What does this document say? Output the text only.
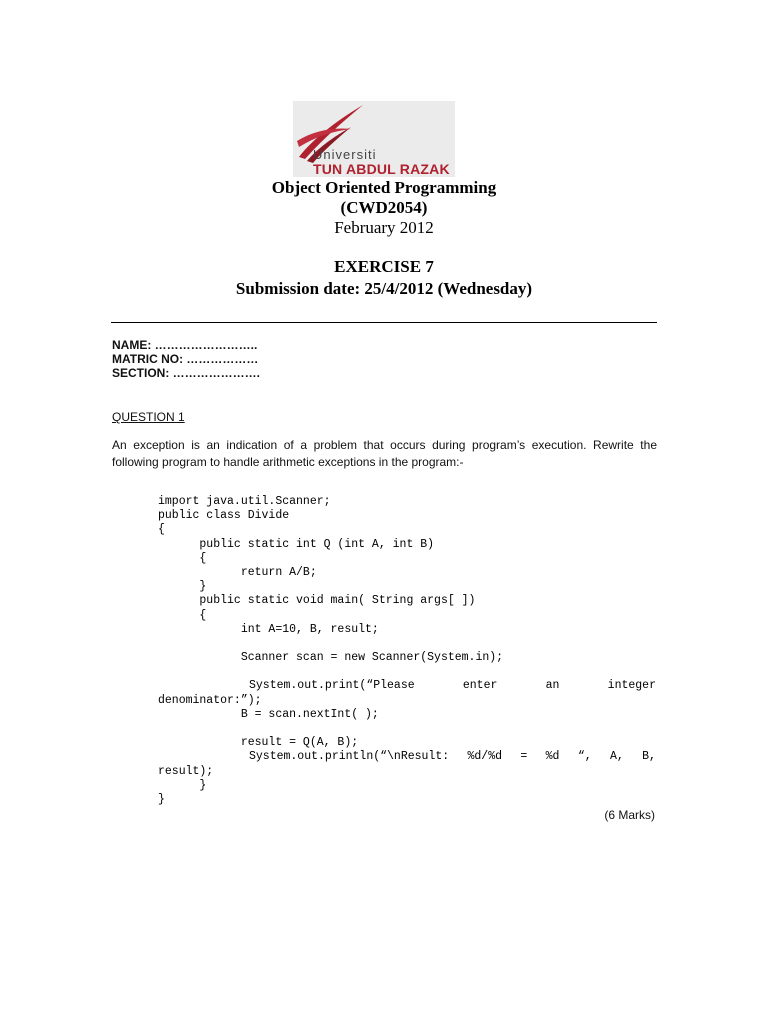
Universiti
TUN ABDUL RAZAK
Object Oriented Programming
(CWD2054)
February 2012
EXERCISE 7
Submission date: 25/4/2012 (Wednesday)
NAME: ……………………..
MATRIC NO: ………………
SECTION: ………………….
QUESTION 1
An exception is an indication of a problem that occurs during program’s execution. Rewrite the following program to handle arithmetic exceptions in the program:-
import java.util.Scanner;
public class Divide
{
public static int Q (int A, int B)
{
return A/B;
}
public static void main( String args[ ])
{
int A=10, B, result;
Scanner scan = new Scanner(System.in);
System.out.print(“Please	enter	an	integer
denominator:”);
B = scan.nextInt( );
result = Q(A, B);
System.out.println(“\nResult: %d/%d = %d “, A, B,
result);
}
}
(6 Marks)
